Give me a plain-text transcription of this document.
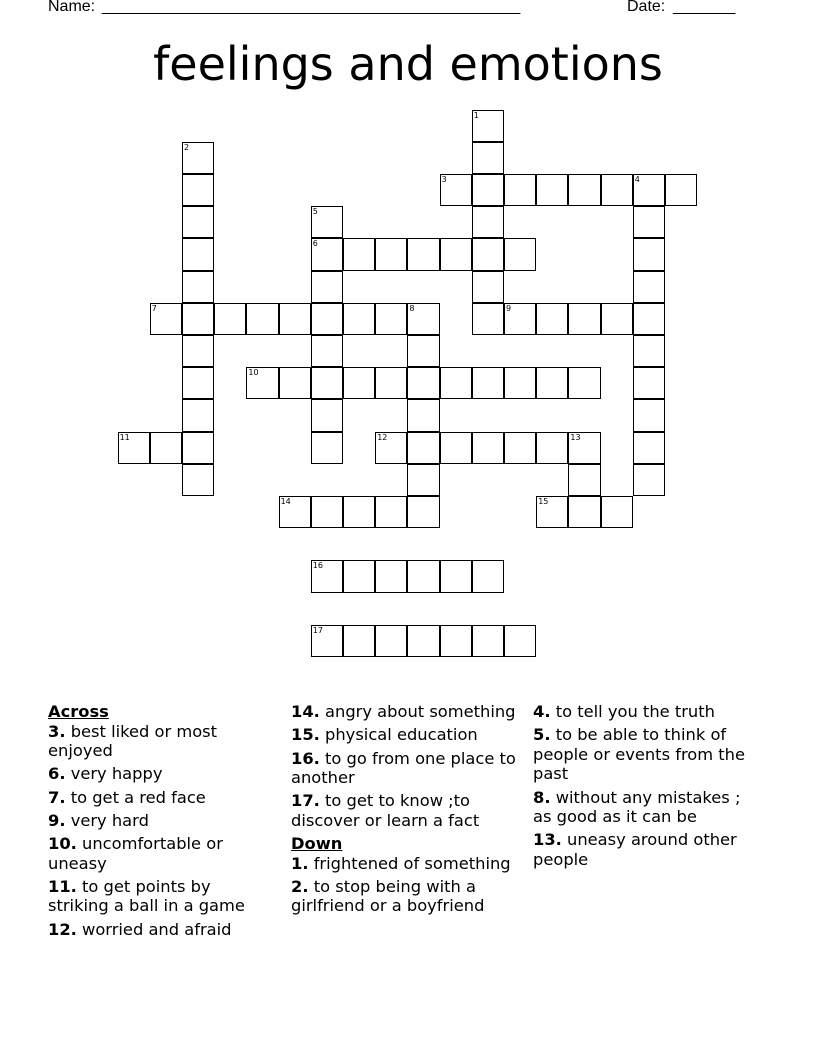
Name: _______________________________________________	Date: _______
feelings and emotions
1
2
3	4
5
6
7	8	9
10
11	12	13
14	15
16
17
Across
3. best liked or most enjoyed
6. very happy
7. to get a red face
9. very hard
10. uncomfortable or uneasy
11. to get points by striking a ball in a game
12. worried and afraid
14. angry about something
15. physical education
16. to go from one place to another
17. to get to know ;to discover or learn a fact
Down
1. frightened of something
2. to stop being with a girlfriend or a boyfriend
4. to tell you the truth
5. to be able to think of people or events from the past
8. without any mistakes ; as good as it can be
13. uneasy around other people
